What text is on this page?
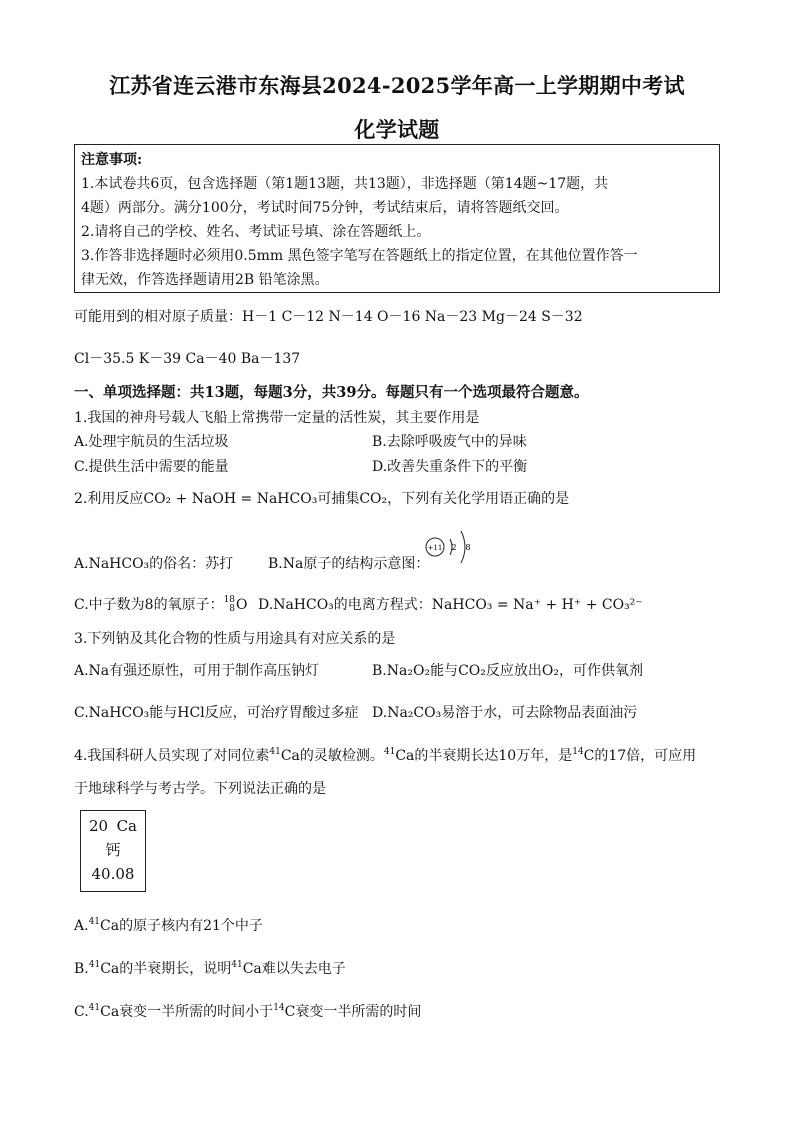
江苏省连云港市东海县2024-2025学年高一上学期期中考试
化学试题
注意事项:
1.本试卷共6页，包含选择题（第1题13题，共13题），非选择题（第14题~17题，共
4题）两部分。满分100分，考试时间75分钟，考试结束后，请将答题纸交回。
2.请将自己的学校、姓名、考试证号填、涂在答题纸上。
3.作答非选择题时必须用0.5mm 黑色签字笔写在答题纸上的指定位置，在其他位置作答一
律无效，作答选择题请用2B 铅笔涂黑。
可能用到的相对原子质量：H－1 C－12 N－14 O－16 Na－23 Mg－24 S－32
Cl－35.5 K－39 Ca－40 Ba－137
一、单项选择题：共13题，每题3分，共39分。每题只有一个选项最符合题意。
1.我国的神舟号载人飞船上常携带一定量的活性炭，其主要作用是
A.处理宇航员的生活垃圾	B.去除呼吸废气中的异味
C.提供生活中需要的能量	D.改善失重条件下的平衡
2.利用反应CO₂ + NaOH = NaHCO₃可捕集CO₂，下列有关化学用语正确的是
A.NaHCO₃的俗名：苏打 B.Na原子的结构示意图：
+11 2 8
C.中子数为8的氧原子：18
8O D.NaHCO₃的电离方程式：NaHCO₃ = Na⁺ + H⁺ + CO₃²⁻
3.下列钠及其化合物的性质与用途具有对应关系的是
A.Na有强还原性，可用于制作高压钠灯	B.Na₂O₂能与CO₂反应放出O₂，可作供氧剂
C.NaHCO₃能与HCl反应，可治疗胃酸过多症 D.Na₂CO₃易溶于水，可去除物品表面油污
4.我国科研人员实现了对同位素$^{41}$Ca的灵敏检测。$^{41}$Ca的半衰期长达10万年，是$^{14}$C的17倍，可应用
于地球科学与考古学。下列说法正确的是
20 Ca
钙
40.08
A.$^{41}$Ca的原子核内有21个中子
B.$^{41}$Ca的半衰期长，说明$^{41}$Ca难以失去电子
C.$^{41}$Ca衰变一半所需的时间小于$^{14}$C衰变一半所需的时间
